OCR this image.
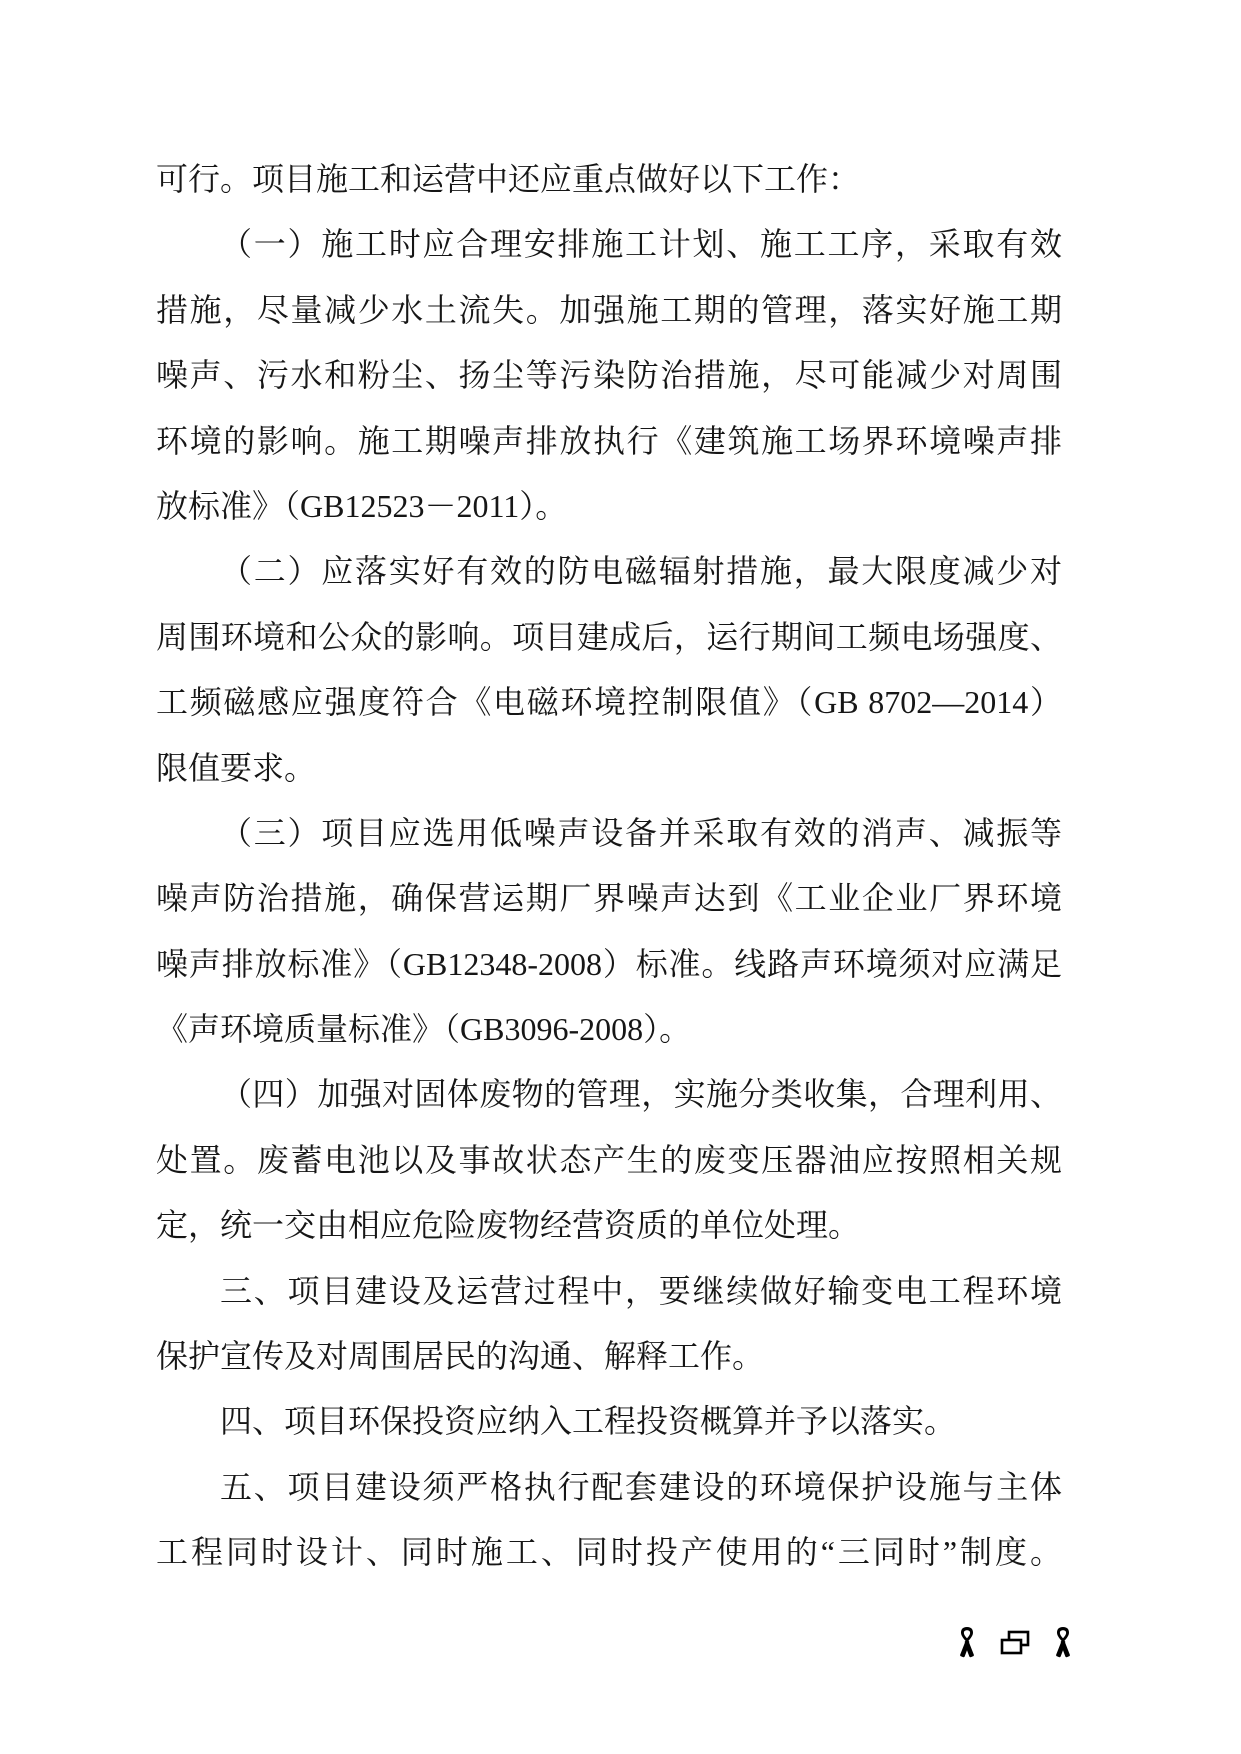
可行。项目施工和运营中还应重点做好以下工作：
（一）施工时应合理安排施工计划、施工工序，采取有效
措施，尽量减少水土流失。加强施工期的管理，落实好施工期
噪声、污水和粉尘、扬尘等污染防治措施，尽可能减少对周围
环境的影响。施工期噪声排放执行《建筑施工场界环境噪声排
放标准》（GB12523－2011）。
（二）应落实好有效的防电磁辐射措施，最大限度减少对
周围环境和公众的影响。项目建成后，运行期间工频电场强度、
工频磁感应强度符合《电磁环境控制限值》（GB 8702—2014）
限值要求。
（三）项目应选用低噪声设备并采取有效的消声、减振等
噪声防治措施，确保营运期厂界噪声达到《工业企业厂界环境
噪声排放标准》（GB12348-2008）标准。线路声环境须对应满足
《声环境质量标准》（GB3096-2008）。
（四）加强对固体废物的管理，实施分类收集，合理利用、
处置。废蓄电池以及事故状态产生的废变压器油应按照相关规
定，统一交由相应危险废物经营资质的单位处理。
三、项目建设及运营过程中，要继续做好输变电工程环境
保护宣传及对周围居民的沟通、解释工作。
四、项目环保投资应纳入工程投资概算并予以落实。
五、项目建设须严格执行配套建设的环境保护设施与主体
工程同时设计、同时施工、同时投产使用的“三同时”制度。
